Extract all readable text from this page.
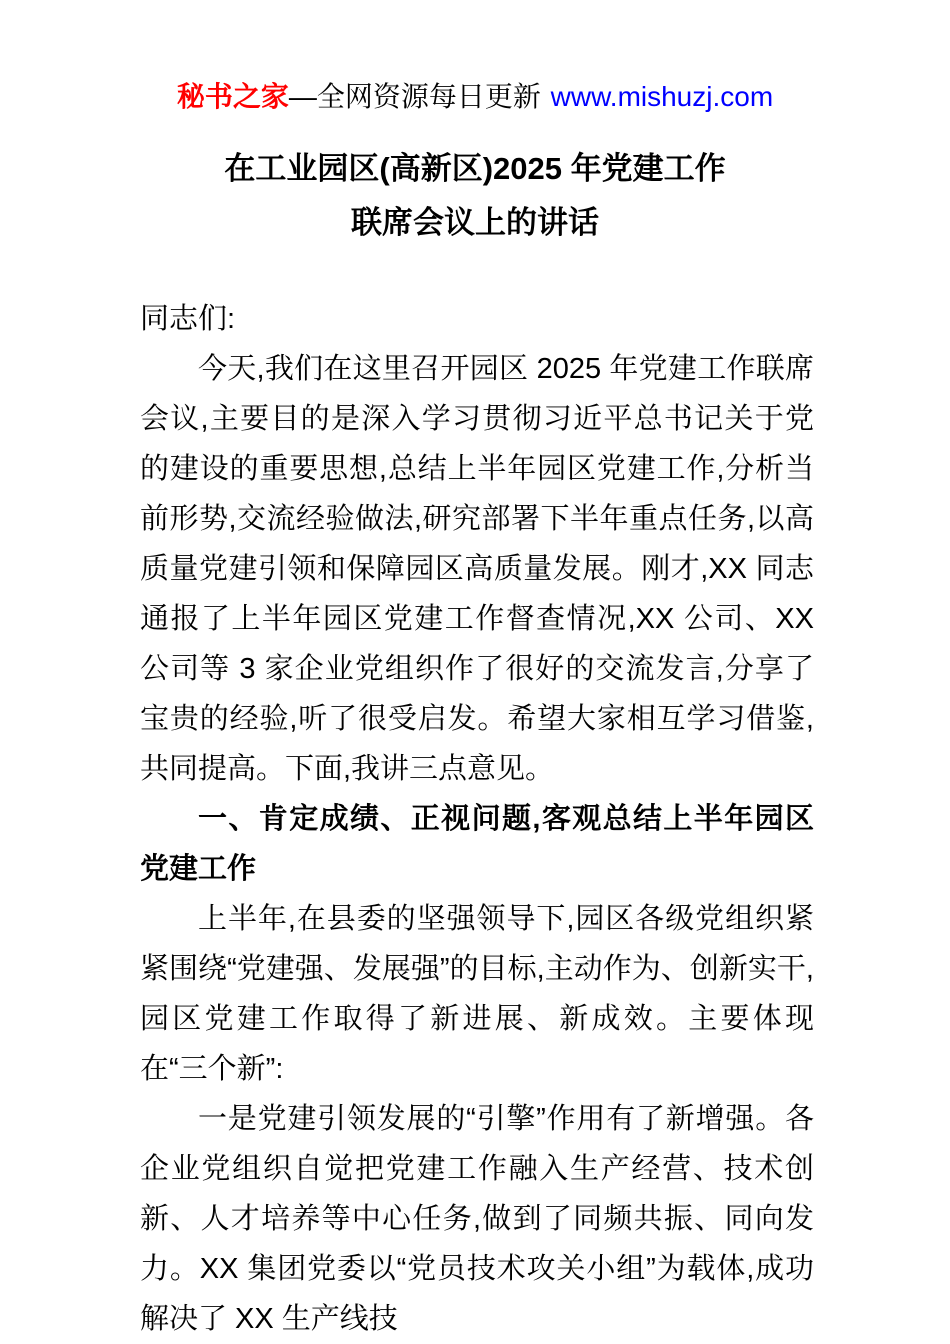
秘书之家—全网资源每日更新 www.mishuzj.com
在工业园区(高新区)2025 年党建工作
联席会议上的讲话

同志们:

今天,我们在这里召开园区 2025 年党建工作联席会议,主要目的是深入学习贯彻习近平总书记关于党的建设的重要思想,总结上半年园区党建工作,分析当前形势,交流经验做法,研究部署下半年重点任务,以高质量党建引领和保障园区高质量发展。刚才,XX 同志通报了上半年园区党建工作督查情况,XX 公司、XX 公司等 3 家企业党组织作了很好的交流发言,分享了宝贵的经验,听了很受启发。希望大家相互学习借鉴,共同提高。下面,我讲三点意见。

一、肯定成绩、正视问题,客观总结上半年园区党建工作

上半年,在县委的坚强领导下,园区各级党组织紧紧围绕“党建强、发展强”的目标,主动作为、创新实干,园区党建工作取得了新进展、新成效。主要体现在“三个新”:

一是党建引领发展的“引擎”作用有了新增强。各企业党组织自觉把党建工作融入生产经营、技术创新、人才培养等中心任务,做到了同频共振、同向发力。XX 集团党委以“党员技术攻关小组”为载体,成功解决了 XX 生产线技
